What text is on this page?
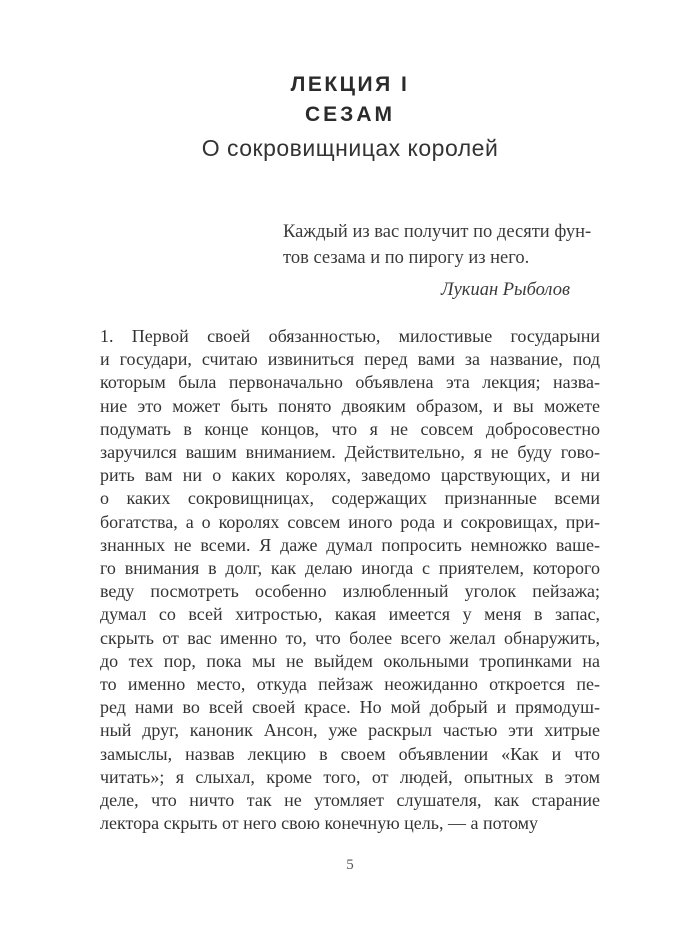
ЛЕКЦИЯ I
СЕЗАМ
О сокровищницах королей
Каждый из вас получит по десяти фун-
тов сезама и по пирогу из него.
Лукиан Рыболов
1. Первой своей обязанностью, милостивые государыни
и государи, считаю извиниться перед вами за название, под
которым была первоначально объявлена эта лекция; назва-
ние это может быть понято двояким образом, и вы можете
подумать в конце концов, что я не совсем добросовестно
заручился вашим вниманием. Действительно, я не буду гово-
рить вам ни о каких королях, заведомо царствующих, и ни
о каких сокровищницах, содержащих признанные всеми
богатства, а о королях совсем иного рода и сокровищах, при-
знанных не всеми. Я даже думал попросить немножко ваше-
го внимания в долг, как делаю иногда с приятелем, которого
веду посмотреть особенно излюбленный уголок пейзажа;
думал со всей хитростью, какая имеется у меня в запас,
скрыть от вас именно то, что более всего желал обнаружить,
до тех пор, пока мы не выйдем окольными тропинками на
то именно место, откуда пейзаж неожиданно откроется пе-
ред нами во всей своей красе. Но мой добрый и прямодуш-
ный друг, каноник Ансон, уже раскрыл частью эти хитрые
замыслы, назвав лекцию в своем объявлении «Как и что
читать»; я слыхал, кроме того, от людей, опытных в этом
деле, что ничто так не утомляет слушателя, как старание
лектора скрыть от него свою конечную цель, — а потому
5
